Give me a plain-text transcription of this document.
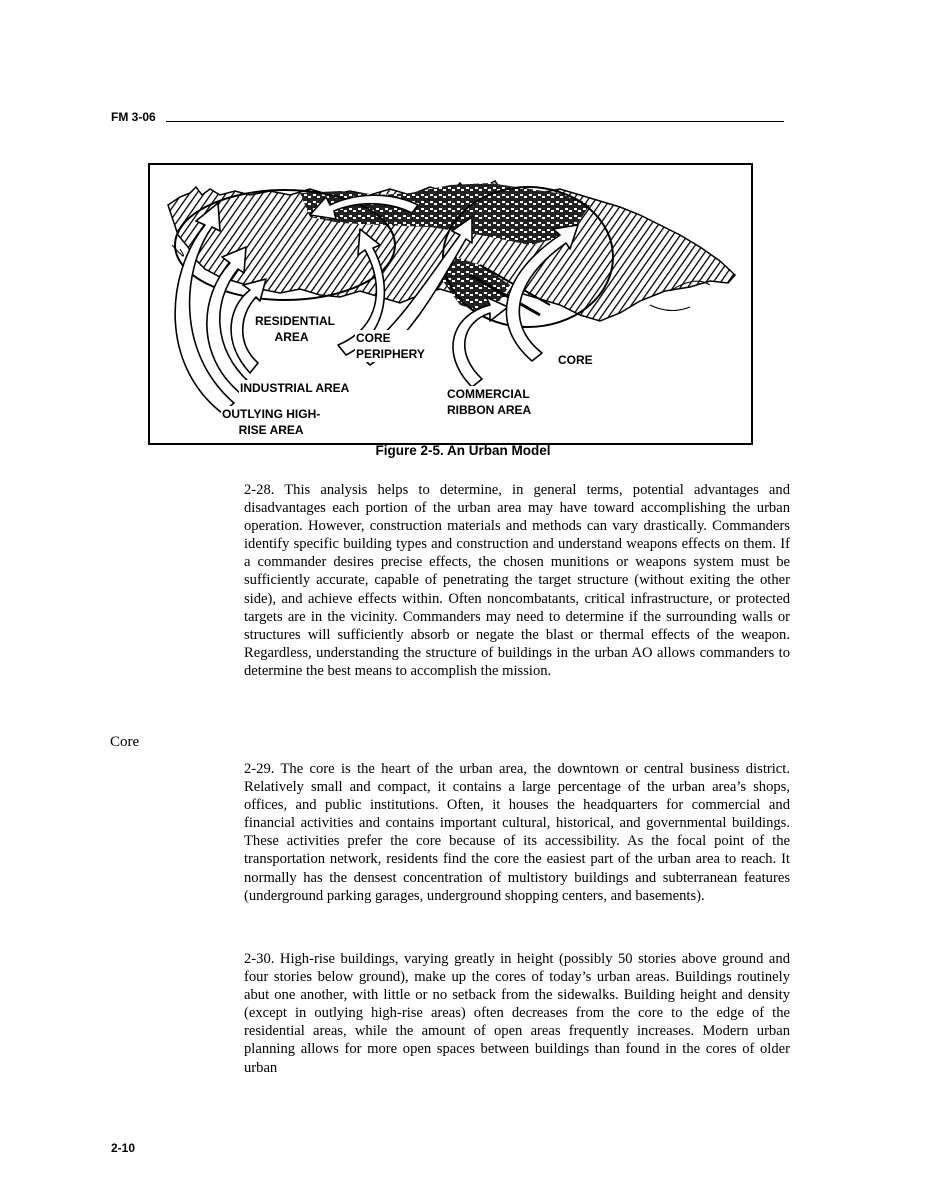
FM 3-06
RESIDENTIAL
AREA	CORE
PERIPHERY	CORE
INDUSTRIAL AREA	COMMERCIAL
RIBBON AREA
OUTLYING HIGH-
RISE AREA
Figure 2-5. An Urban Model

2-28. This analysis helps to determine, in general terms, potential advantages and disadvantages each portion of the urban area may have toward accomplishing the urban operation. However, construction materials and methods can vary drastically. Commanders identify specific building types and construction and understand weapons effects on them. If a commander desires precise effects, the chosen munitions or weapons system must be sufficiently accurate, capable of penetrating the target structure (without exiting the other side), and achieve effects within. Often noncombatants, critical infrastructure, or protected targets are in the vicinity. Commanders may need to determine if the surrounding walls or structures will sufficiently absorb or negate the blast or thermal effects of the weapon. Regardless, understanding the structure of buildings in the urban AO allows commanders to determine the best means to accomplish the mission.

Core

2-29. The core is the heart of the urban area, the downtown or central business district. Relatively small and compact, it contains a large percentage of the urban area’s shops, offices, and public institutions. Often, it houses the headquarters for commercial and financial activities and contains important cultural, historical, and governmental buildings. These activities prefer the core because of its accessibility. As the focal point of the transportation network, residents find the core the easiest part of the urban area to reach. It normally has the densest concentration of multistory buildings and subterranean features (underground parking garages, underground shopping centers, and basements).

2-30. High-rise buildings, varying greatly in height (possibly 50 stories above ground and four stories below ground), make up the cores of today’s urban areas. Buildings routinely abut one another, with little or no setback from the sidewalks. Building height and density (except in outlying high-rise areas) often decreases from the core to the edge of the residential areas, while the amount of open areas frequently increases. Modern urban planning allows for more open spaces between buildings than found in the cores of older urban

2-10
